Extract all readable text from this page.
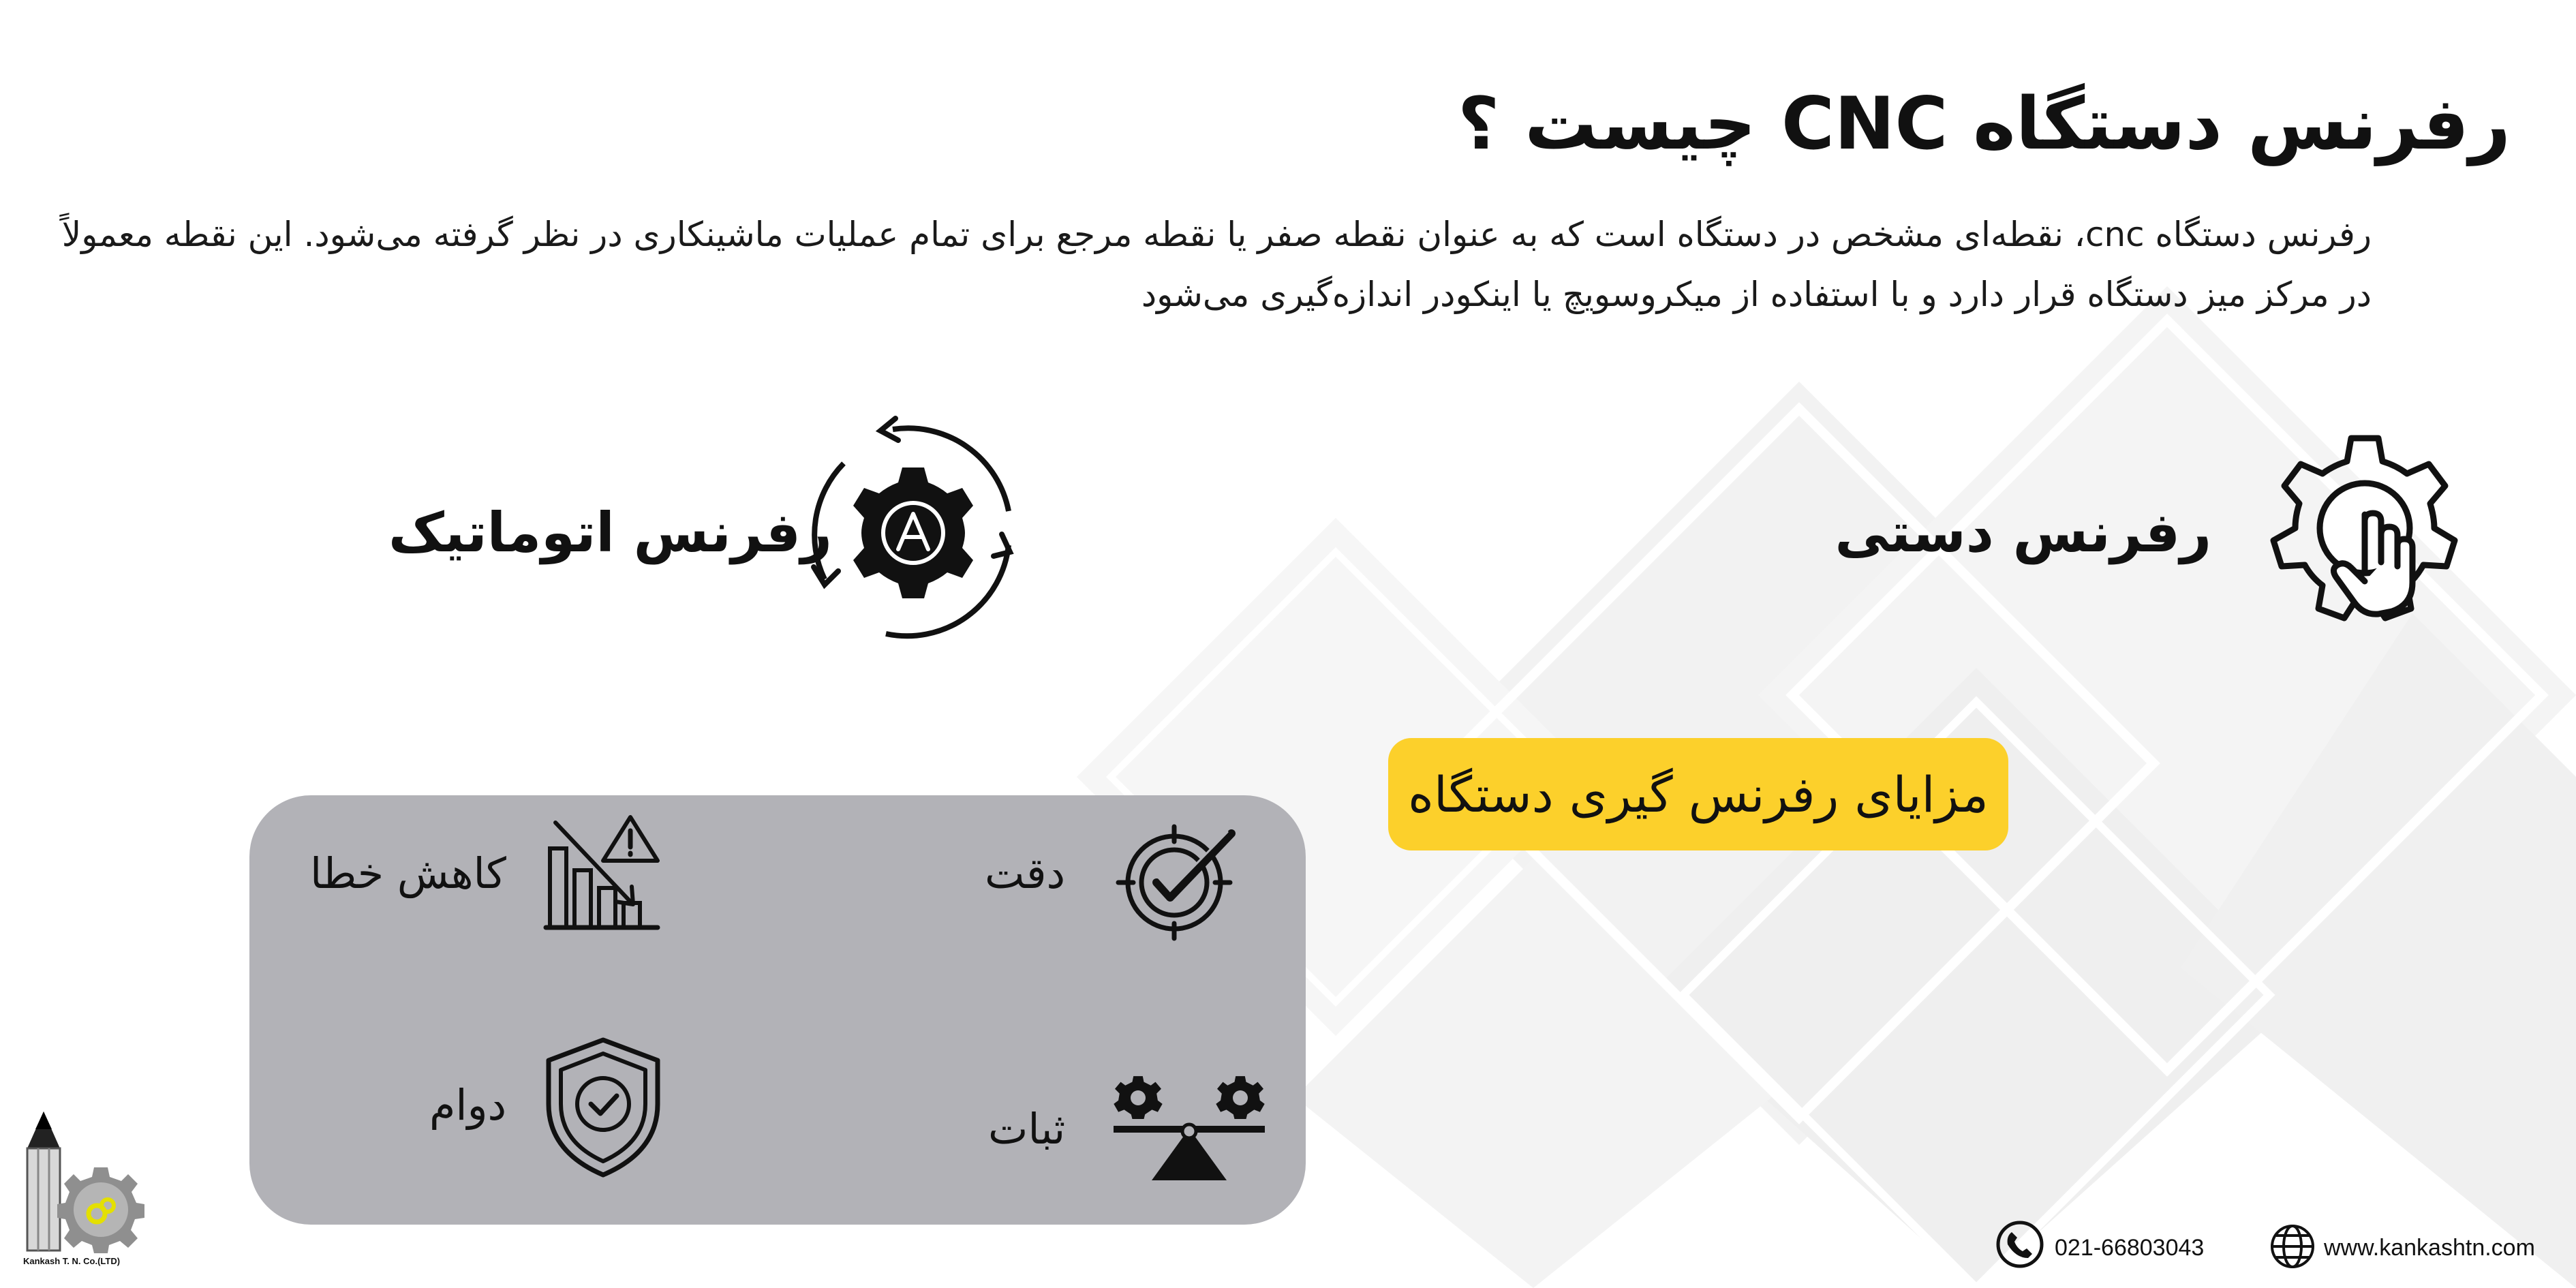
رفرنس دستگاه CNC چیست ؟
رفرنس دستگاه cnc، نقطه‌ای مشخص در دستگاه است که به عنوان نقطه صفر یا نقطه مرجع برای تمام عملیات ماشینکاری در نظر گرفته می‌شود. این نقطه معمولاً
در مرکز میز دستگاه قرار دارد و با استفاده از میکروسویچ یا اینکودر اندازه‌گیری می‌شود
رفرنس دستی
رفرنس اتوماتیک
مزایای رفرنس گیری دستگاه
دقت
کاهش خطا
ثبات
دوام
021-66803043	www.kankashtn.com
Kankash T. N. Co.(LTD)
